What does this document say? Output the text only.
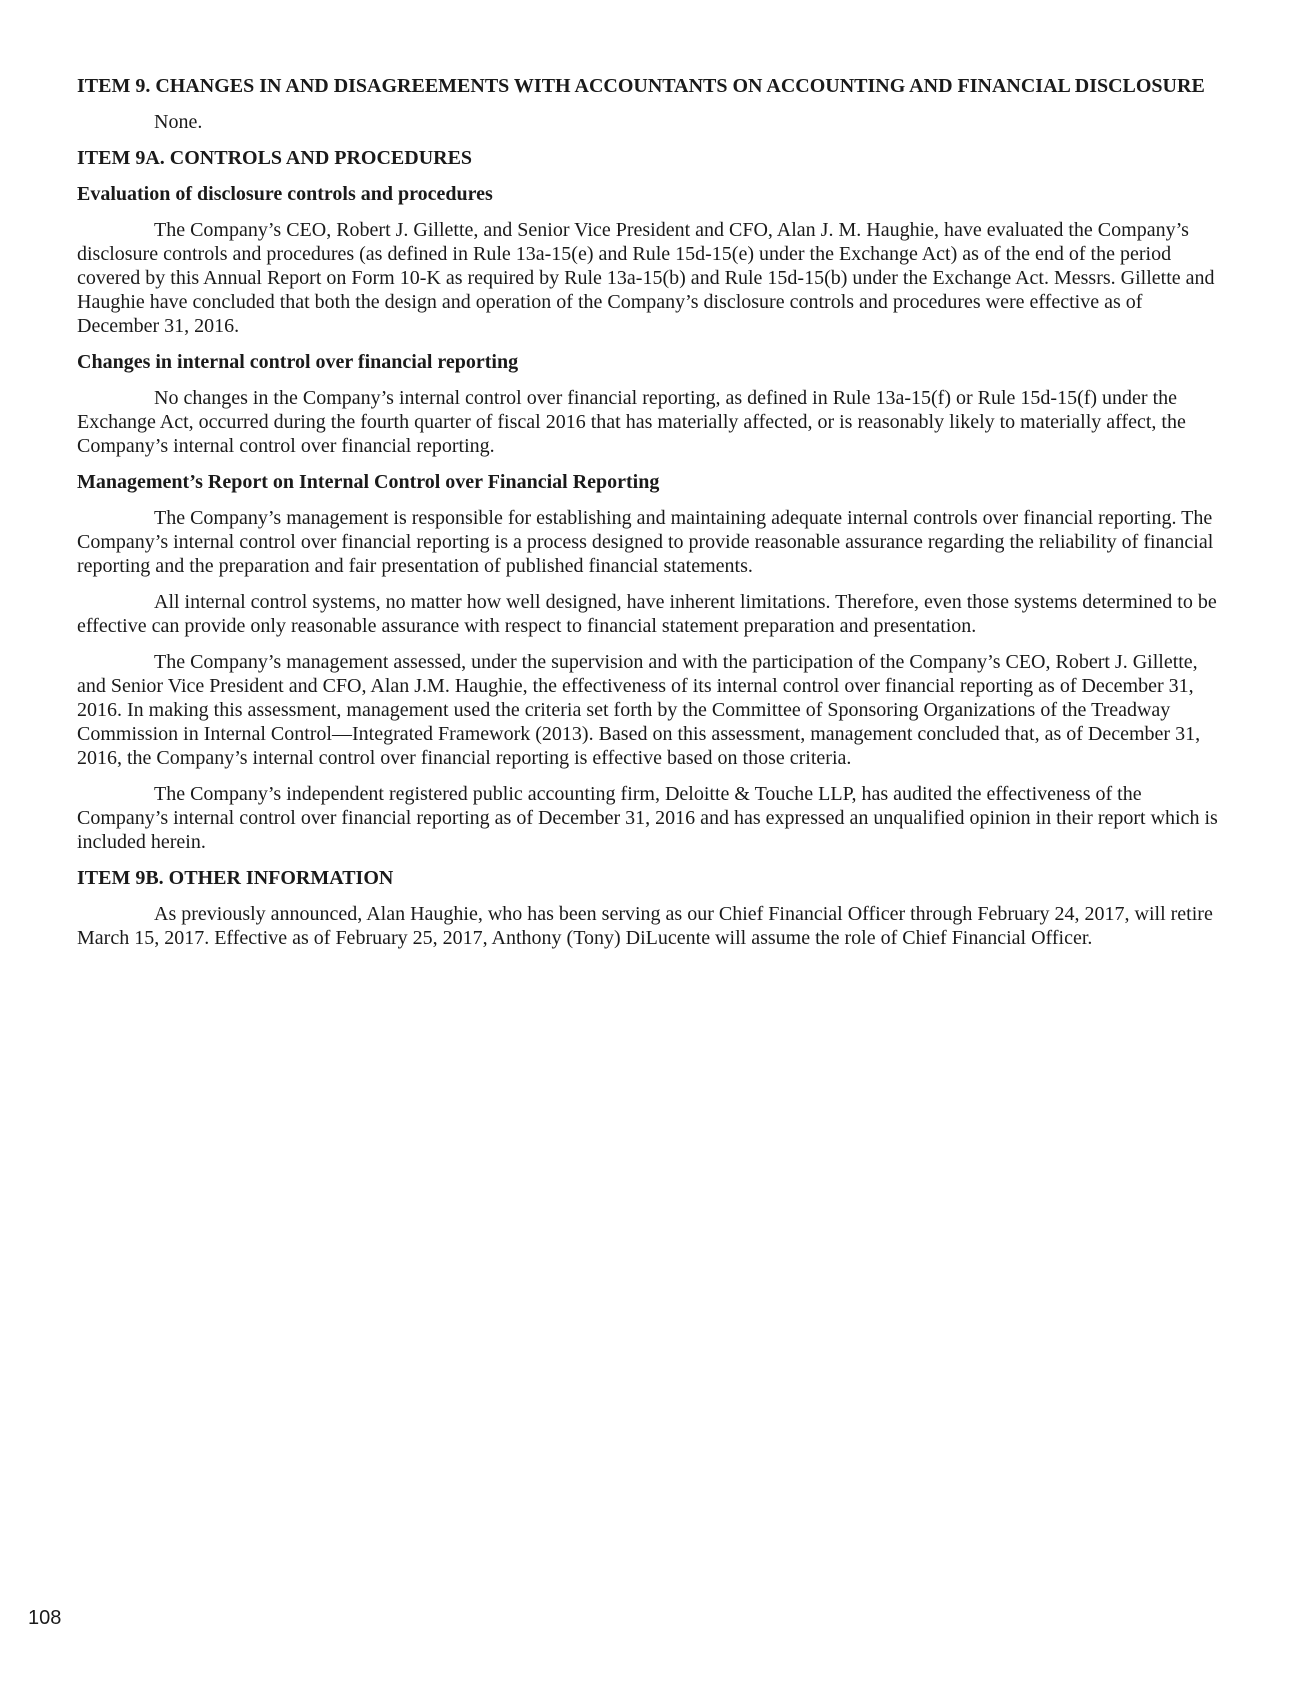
ITEM 9. CHANGES IN AND DISAGREEMENTS WITH ACCOUNTANTS ON ACCOUNTING AND FINANCIAL DISCLOSURE

None.

ITEM 9A. CONTROLS AND PROCEDURES
Evaluation of disclosure controls and procedures

The Company’s CEO, Robert J. Gillette, and Senior Vice President and CFO, Alan J. M. Haughie, have evaluated the Company’s disclosure controls and procedures (as defined in Rule 13a-15(e) and Rule 15d-15(e) under the Exchange Act) as of the end of the period covered by this Annual Report on Form 10-K as required by Rule 13a-15(b) and Rule 15d-15(b) under the Exchange Act. Messrs. Gillette and Haughie have concluded that both the design and operation of the Company’s disclosure controls and procedures were effective as of December 31, 2016.

Changes in internal control over financial reporting

No changes in the Company’s internal control over financial reporting, as defined in Rule 13a-15(f) or Rule 15d-15(f) under the Exchange Act, occurred during the fourth quarter of fiscal 2016 that has materially affected, or is reasonably likely to materially affect, the Company’s internal control over financial reporting.

Management’s Report on Internal Control over Financial Reporting

The Company’s management is responsible for establishing and maintaining adequate internal controls over financial reporting. The Company’s internal control over financial reporting is a process designed to provide reasonable assurance regarding the reliability of financial reporting and the preparation and fair presentation of published financial statements.

All internal control systems, no matter how well designed, have inherent limitations. Therefore, even those systems determined to be effective can provide only reasonable assurance with respect to financial statement preparation and presentation.

The Company’s management assessed, under the supervision and with the participation of the Company’s CEO, Robert J. Gillette, and Senior Vice President and CFO, Alan J.M. Haughie, the effectiveness of its internal control over financial reporting as of December 31, 2016. In making this assessment, management used the criteria set forth by the Committee of Sponsoring Organizations of the Treadway Commission in Internal Control—Integrated Framework (2013). Based on this assessment, management concluded that, as of December 31, 2016, the Company’s internal control over financial reporting is effective based on those criteria.

The Company’s independent registered public accounting firm, Deloitte & Touche LLP, has audited the effectiveness of the Company’s internal control over financial reporting as of December 31, 2016 and has expressed an unqualified opinion in their report which is included herein.

ITEM 9B. OTHER INFORMATION

As previously announced, Alan Haughie, who has been serving as our Chief Financial Officer through February 24, 2017, will retire March 15, 2017. Effective as of February 25, 2017, Anthony (Tony) DiLucente will assume the role of Chief Financial Officer.

108
